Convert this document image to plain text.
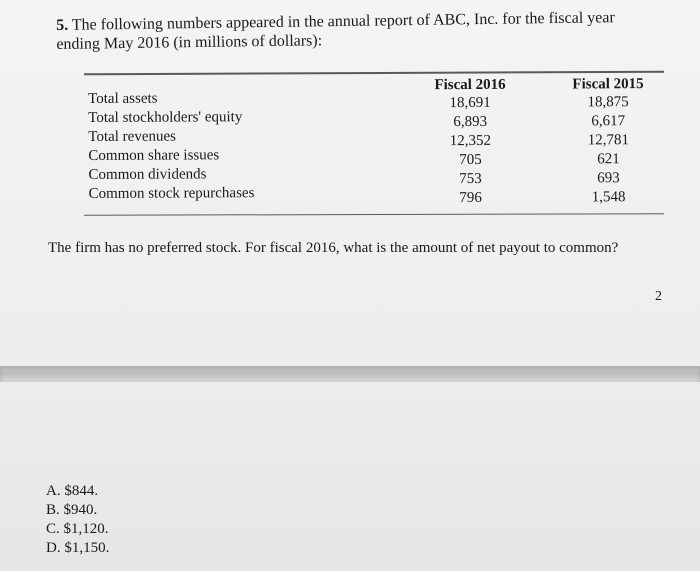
5. The following numbers appeared in the annual report of ABC, Inc. for the fiscal year ending May 2016 (in millions of dollars):
Total assets
Total stockholders' equity
Total revenues
Common share issues
Common dividends
Common stock repurchases
Fiscal 2016
18,691
6,893
12,352
705
753
796
Fiscal 2015
18,875
6,617
12,781
621
693
1,548
The firm has no preferred stock. For fiscal 2016, what is the amount of net payout to common?
2
A. $844.
B. $940.
C. $1,120.
D. $1,150.
